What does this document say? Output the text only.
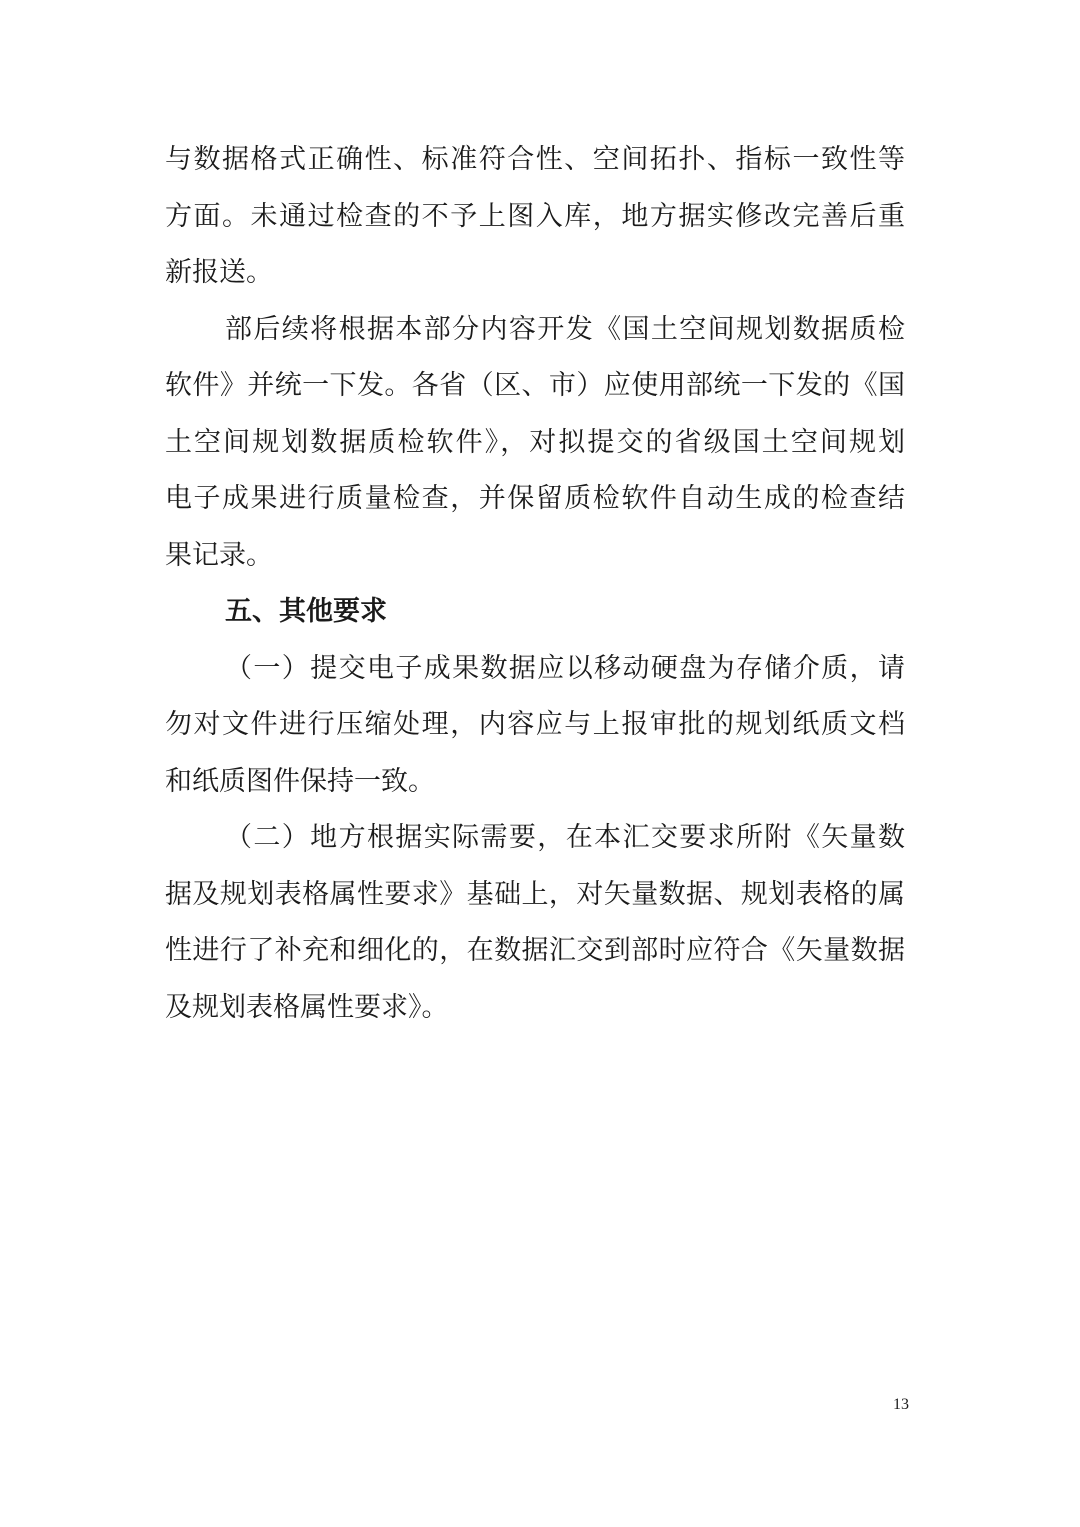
与数据格式正确性、标准符合性、空间拓扑、指标一致性等
方面。未通过检查的不予上图入库，地方据实修改完善后重
新报送。
部后续将根据本部分内容开发《国土空间规划数据质检
软件》并统一下发。各省（区、市）应使用部统一下发的《国
土空间规划数据质检软件》，对拟提交的省级国土空间规划
电子成果进行质量检查，并保留质检软件自动生成的检查结
果记录。
五、其他要求
（一）提交电子成果数据应以移动硬盘为存储介质，请
勿对文件进行压缩处理，内容应与上报审批的规划纸质文档
和纸质图件保持一致。
（二）地方根据实际需要，在本汇交要求所附《矢量数
据及规划表格属性要求》基础上，对矢量数据、规划表格的属
性进行了补充和细化的，在数据汇交到部时应符合《矢量数据
及规划表格属性要求》。
13
